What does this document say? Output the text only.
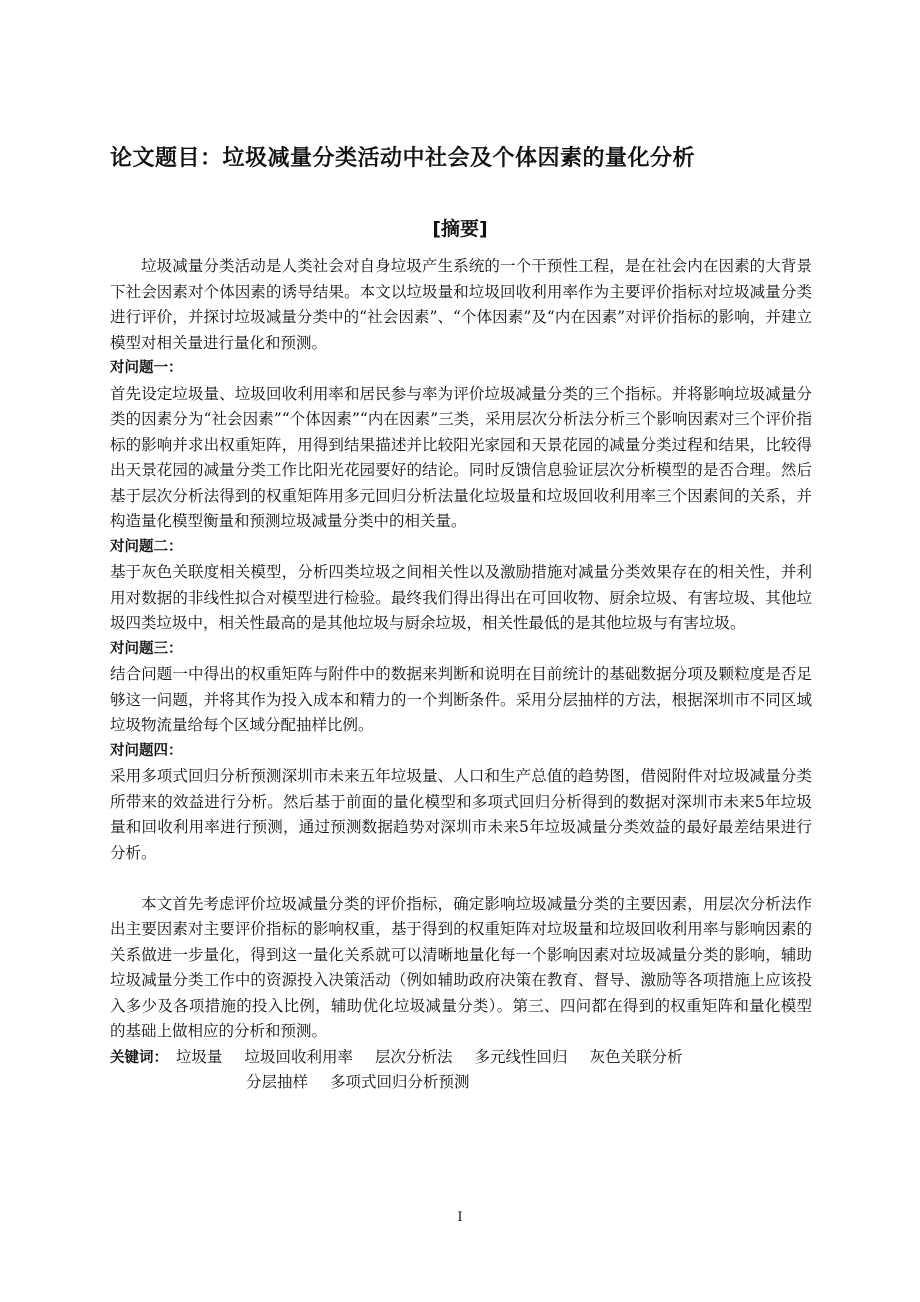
论文题目：垃圾减量分类活动中社会及个体因素的量化分析
[摘要]

垃圾减量分类活动是人类社会对自身垃圾产生系统的一个干预性工程，是在社会内在因素的大背景下社会因素对个体因素的诱导结果。本文以垃圾量和垃圾回收利用率作为主要评价指标对垃圾减量分类进行评价，并探讨垃圾减量分类中的“社会因素”、“个体因素”及“内在因素”对评价指标的影响，并建立模型对相关量进行量化和预测。

对问题一：

首先设定垃圾量、垃圾回收利用率和居民参与率为评价垃圾减量分类的三个指标。并将影响垃圾减量分类的因素分为“社会因素”“个体因素”“内在因素”三类，采用层次分析法分析三个影响因素对三个评价指标的影响并求出权重矩阵，用得到结果描述并比较阳光家园和天景花园的减量分类过程和结果，比较得出天景花园的减量分类工作比阳光花园要好的结论。同时反馈信息验证层次分析模型的是否合理。然后基于层次分析法得到的权重矩阵用多元回归分析法量化垃圾量和垃圾回收利用率三个因素间的关系，并构造量化模型衡量和预测垃圾减量分类中的相关量。

对问题二：

基于灰色关联度相关模型，分析四类垃圾之间相关性以及激励措施对减量分类效果存在的相关性，并利用对数据的非线性拟合对模型进行检验。最终我们得出得出在可回收物、厨余垃圾、有害垃圾、其他垃圾四类垃圾中，相关性最高的是其他垃圾与厨余垃圾，相关性最低的是其他垃圾与有害垃圾。

对问题三：

结合问题一中得出的权重矩阵与附件中的数据来判断和说明在目前统计的基础数据分项及颗粒度是否足够这一问题，并将其作为投入成本和精力的一个判断条件。采用分层抽样的方法，根据深圳市不同区域垃圾物流量给每个区域分配抽样比例。

对问题四：

采用多项式回归分析预测深圳市未来五年垃圾量、人口和生产总值的趋势图，借阅附件对垃圾减量分类所带来的效益进行分析。然后基于前面的量化模型和多项式回归分析得到的数据对深圳市未来5年垃圾量和回收利用率进行预测，通过预测数据趋势对深圳市未来5年垃圾减量分类效益的最好最差结果进行分析。

本文首先考虑评价垃圾减量分类的评价指标，确定影响垃圾减量分类的主要因素，用层次分析法作出主要因素对主要评价指标的影响权重，基于得到的权重矩阵对垃圾量和垃圾回收利用率与影响因素的关系做进一步量化，得到这一量化关系就可以清晰地量化每一个影响因素对垃圾减量分类的影响，辅助垃圾减量分类工作中的资源投入决策活动（例如辅助政府决策在教育、督导、激励等各项措施上应该投入多少及各项措施的投入比例，辅助优化垃圾减量分类）。第三、四问都在得到的权重矩阵和量化模型的基础上做相应的分析和预测。

关键词： 垃圾量 垃圾回收利用率 层次分析法 多元线性回归 灰色关联分析
分层抽样 多项式回归分析预测
I
